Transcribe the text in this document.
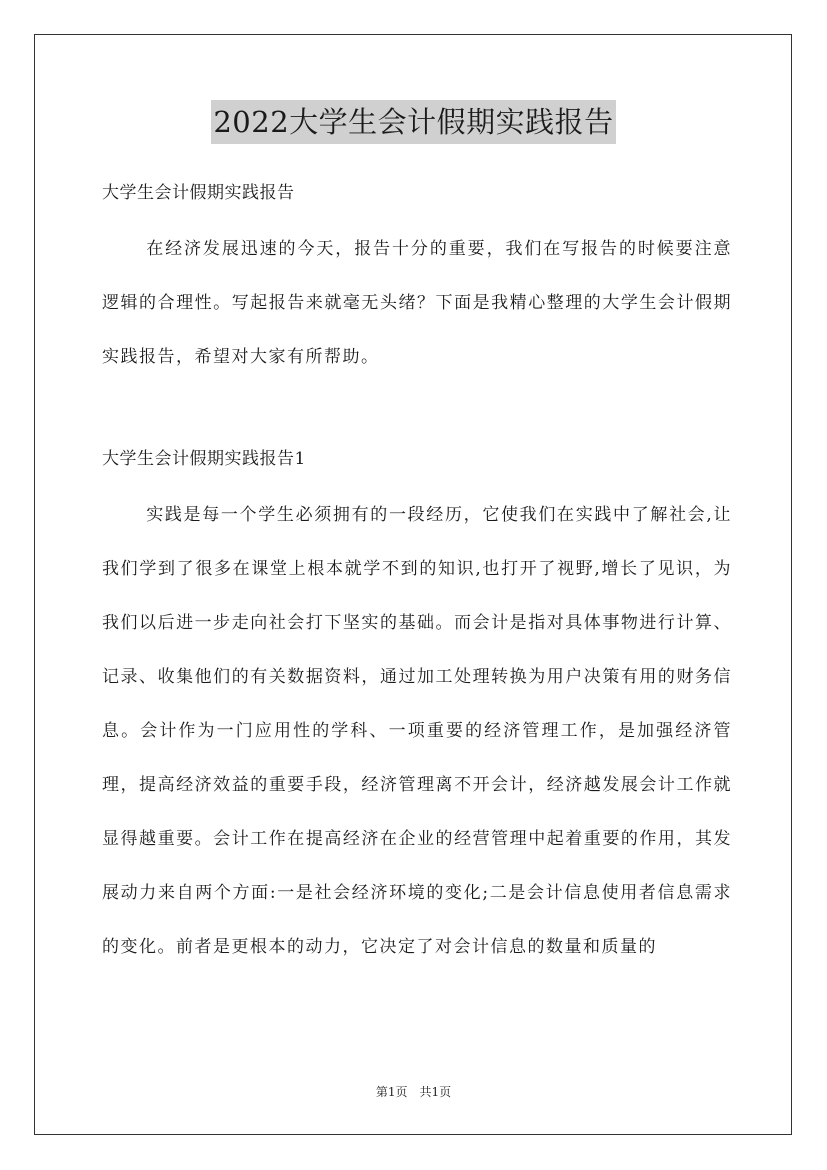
2022大学生会计假期实践报告

大学生会计假期实践报告

在经济发展迅速的今天，报告十分的重要，我们在写报告的时候要注意逻辑的合理性。写起报告来就毫无头绪？下面是我精心整理的大学生会计假期实践报告，希望对大家有所帮助。

大学生会计假期实践报告1

实践是每一个学生必须拥有的一段经历，它使我们在实践中了解社会,让我们学到了很多在课堂上根本就学不到的知识,也打开了视野,增长了见识，为我们以后进一步走向社会打下坚实的基础。而会计是指对具体事物进行计算、记录、收集他们的有关数据资料，通过加工处理转换为用户决策有用的财务信息。会计作为一门应用性的学科、一项重要的经济管理工作，是加强经济管理，提高经济效益的重要手段，经济管理离不开会计，经济越发展会计工作就显得越重要。会计工作在提高经济在企业的经营管理中起着重要的作用，其发展动力来自两个方面:一是社会经济环境的变化;二是会计信息使用者信息需求的变化。前者是更根本的动力，它决定了对会计信息的数量和质量的

第1页　共1页
